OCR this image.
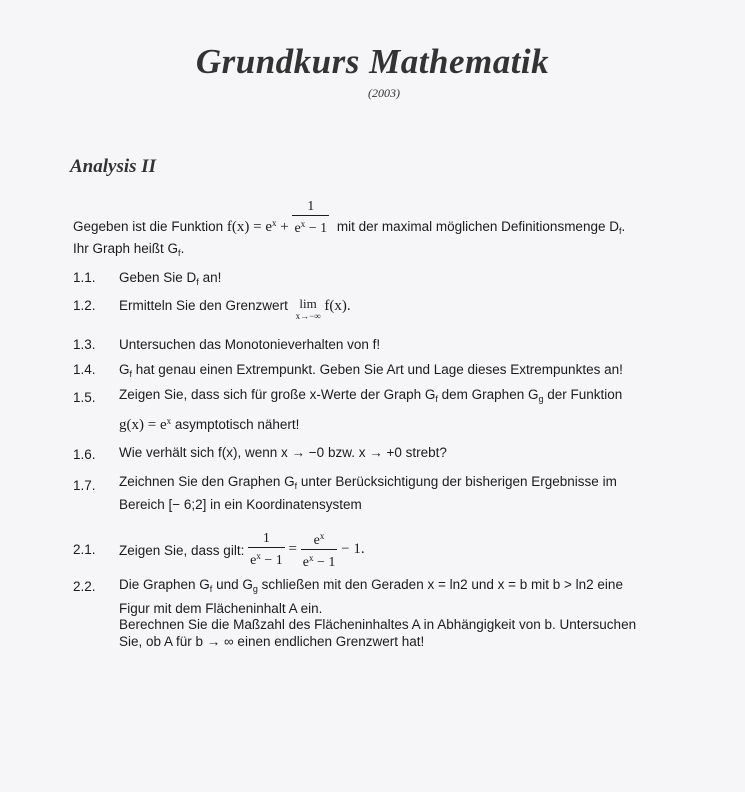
Grundkurs Mathematik
(2003)
Analysis II
Gegeben ist die Funktion $f(x) = e^x + \frac{1}{e^x - 1}$ mit der maximal möglichen Definitionsmenge $D_f$.
Ihr Graph heißt $G_f$.
1.1. Geben Sie $D_f$ an!
1.2. Ermitteln Sie den Grenzwert lim
x→−∞
f(x).
1.3. Untersuchen das Monotonieverhalten von f!
1.4. $G_f$ hat genau einen Extrempunkt. Geben Sie Art und Lage dieses Extrempunktes an!
1.5. Zeigen Sie, dass sich für große x-Werte der Graph $G_f$ dem Graphen $G_g$ der Funktion
$g(x) = e^x$ asymptotisch nähert!
1.6. Wie verhält sich f(x), wenn x → −0 bzw. x → +0 strebt?
1.7. Zeichnen Sie den Graphen $G_f$ unter Berücksichtigung der bisherigen Ergebnisse im
Bereich [− 6;2] in ein Koordinatensystem
2.1. Zeigen Sie, dass gilt: $\frac{1}{e^x - 1} = \frac{e^x}{e^x - 1} - 1$.
2.2. Die Graphen $G_f$ und $G_g$ schließen mit den Geraden x = ln2 und x = b mit b > ln2 eine
Figur mit dem Flächeninhalt A ein.
Berechnen Sie die Maßzahl des Flächeninhaltes A in Abhängigkeit von b. Untersuchen
Sie, ob A für b → ∞ einen endlichen Grenzwert hat!
